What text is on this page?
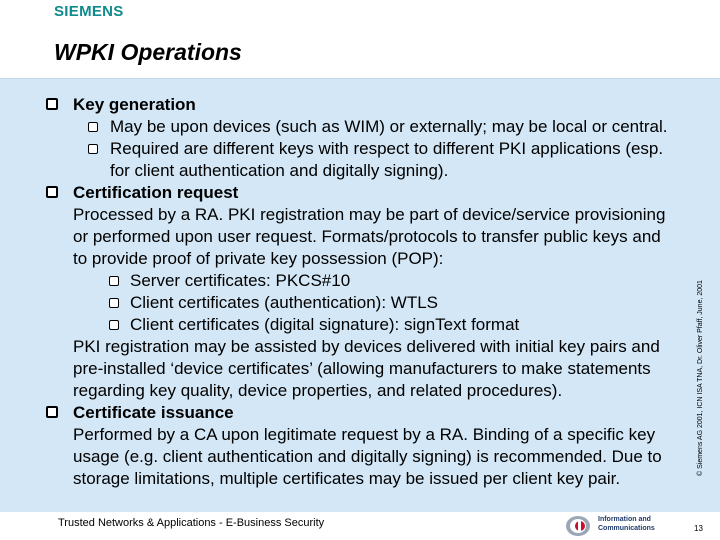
SIEMENS
WPKI Operations
Key generation
May be upon devices (such as WIM) or externally; may be local or central.
Required are different keys with respect to different PKI applications (esp.
for client authentication and digitally signing).
Certification request
Processed by a RA. PKI registration may be part of device/service provisioning
or performed upon user request. Formats/protocols to transfer public keys and
to provide proof of private key possession (POP):
Server certificates: PKCS#10
Client certificates (authentication): WTLS
Client certificates (digital signature): signText format
PKI registration may be assisted by devices delivered with initial key pairs and
pre-installed ‘device certificates’ (allowing manufacturers to make statements
regarding key quality, device properties, and related procedures).
Certificate issuance
Performed by a CA upon legitimate request by a RA. Binding of a specific key
usage (e.g. client authentication and digitally signing) is recommended. Due to
storage limitations, multiple certificates may be issued per client key pair.
Trusted Networks & Applications - E-Business Security	Information and
Communications	13
